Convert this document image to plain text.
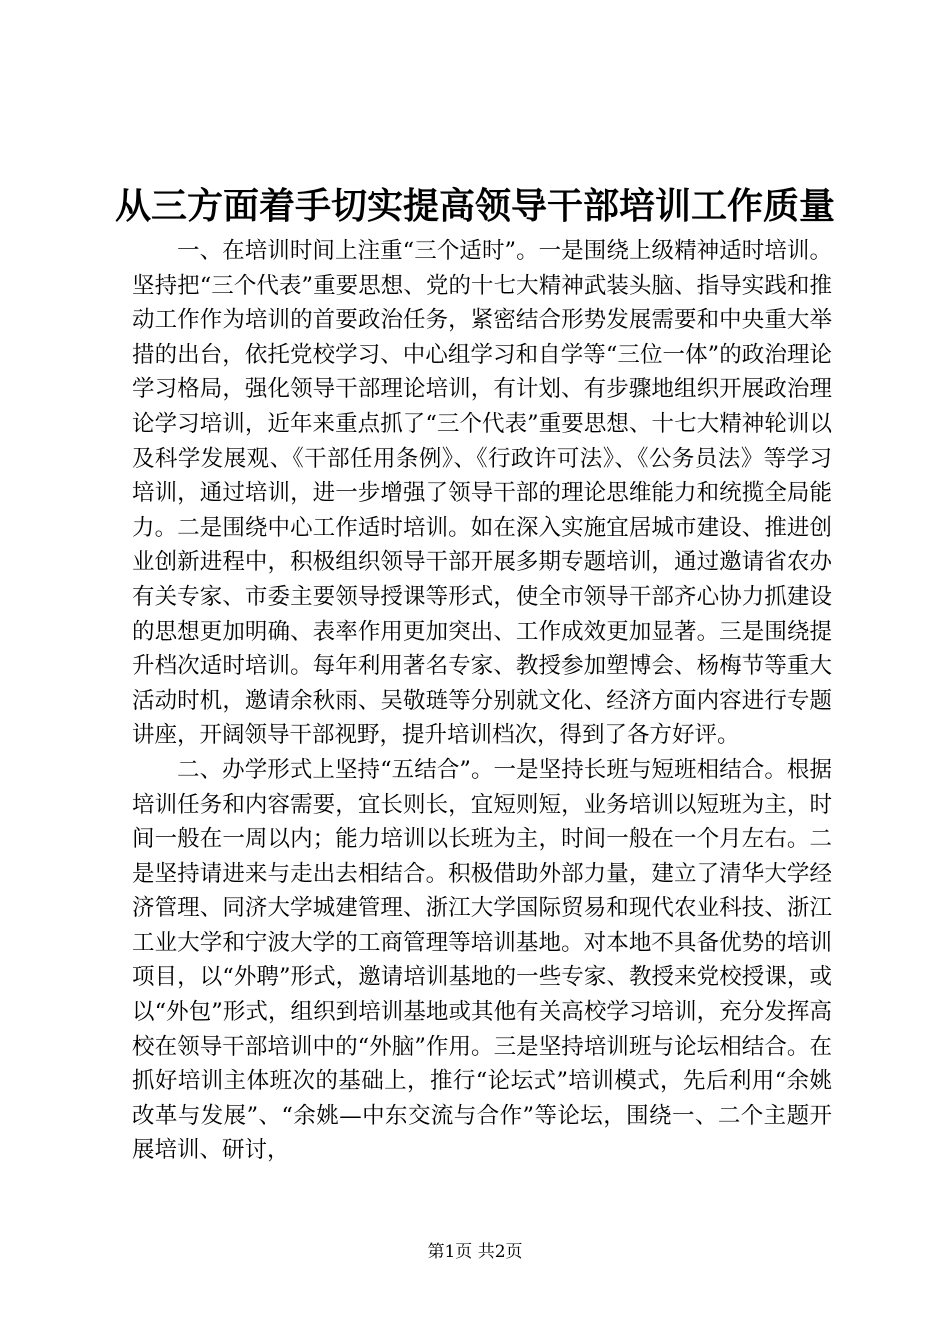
从三方面着手切实提高领导干部培训工作质量

一、在培训时间上注重“三个适时”。一是围绕上级精神适时培训。坚持把“三个代表”重要思想、党的十七大精神武装头脑、指导实践和推动工作作为培训的首要政治任务，紧密结合形势发展需要和中央重大举措的出台，依托党校学习、中心组学习和自学等“三位一体”的政治理论学习格局，强化领导干部理论培训，有计划、有步骤地组织开展政治理论学习培训，近年来重点抓了“三个代表”重要思想、十七大精神轮训以及科学发展观、《干部任用条例》、《行政许可法》、《公务员法》等学习培训，通过培训，进一步增强了领导干部的理论思维能力和统揽全局能力。二是围绕中心工作适时培训。如在深入实施宜居城市建设、推进创业创新进程中，积极组织领导干部开展多期专题培训，通过邀请省农办有关专家、市委主要领导授课等形式，使全市领导干部齐心协力抓建设的思想更加明确、表率作用更加突出、工作成效更加显著。三是围绕提升档次适时培训。每年利用著名专家、教授参加塑博会、杨梅节等重大活动时机，邀请余秋雨、吴敬琏等分别就文化、经济方面内容进行专题讲座，开阔领导干部视野，提升培训档次，得到了各方好评。

二、办学形式上坚持“五结合”。一是坚持长班与短班相结合。根据培训任务和内容需要，宜长则长，宜短则短，业务培训以短班为主，时间一般在一周以内；能力培训以长班为主，时间一般在一个月左右。二是坚持请进来与走出去相结合。积极借助外部力量，建立了清华大学经济管理、同济大学城建管理、浙江大学国际贸易和现代农业科技、浙江工业大学和宁波大学的工商管理等培训基地。对本地不具备优势的培训项目，以“外聘”形式，邀请培训基地的一些专家、教授来党校授课，或以“外包”形式，组织到培训基地或其他有关高校学习培训，充分发挥高校在领导干部培训中的“外脑”作用。三是坚持培训班与论坛相结合。在抓好培训主体班次的基础上，推行“论坛式”培训模式，先后利用“余姚改革与发展”、“余姚—中东交流与合作”等论坛，围绕一、二个主题开展培训、研讨，

第1页 共2页
